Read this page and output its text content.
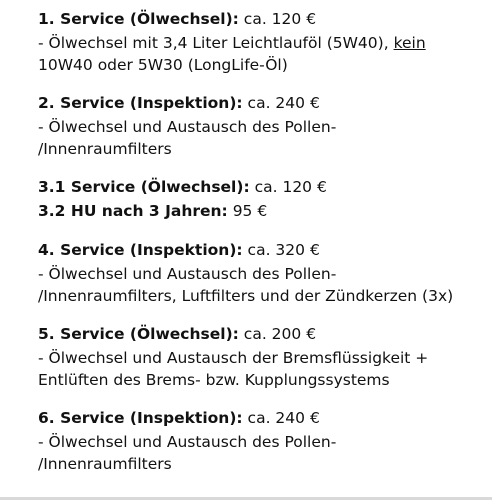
1. Service (Ölwechsel): ca. 120 €
- Ölwechsel mit 3,4 Liter Leichtlauföl (5W40), kein
10W40 oder 5W30 (LongLife-Öl)
2. Service (Inspektion): ca. 240 €
- Ölwechsel und Austausch des Pollen-
/Innenraumfilters
3.1 Service (Ölwechsel): ca. 120 €
3.2 HU nach 3 Jahren: 95 €
4. Service (Inspektion): ca. 320 €
- Ölwechsel und Austausch des Pollen-
/Innenraumfilters, Luftfilters und der Zündkerzen (3x)
5. Service (Ölwechsel): ca. 200 €
- Ölwechsel und Austausch der Bremsflüssigkeit +
Entlüften des Brems- bzw. Kupplungssystems
6. Service (Inspektion): ca. 240 €
- Ölwechsel und Austausch des Pollen-
/Innenraumfilters
